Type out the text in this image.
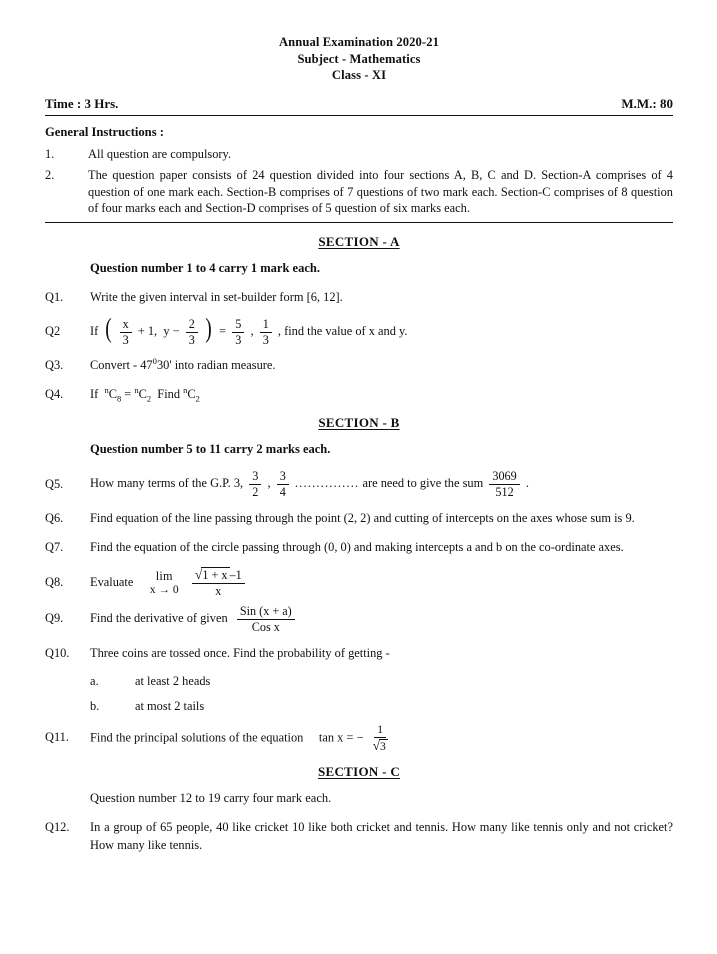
Annual Examination 2020-21
Subject - Mathematics
Class - XI
Time : 3 Hrs.	M.M.: 80
General Instructions :
1.	All question are compulsory.
2.	The question paper consists of 24 question divided into four sections A, B, C and D. Section-A comprises of 4 question of one mark each. Section-B comprises of 7 questions of two mark each. Section-C comprises of 8 question of four marks each and Section-D comprises of 5 question of six marks each.
SECTION - A
Question number 1 to 4 carry 1 mark each.
Q1.	Write the given interval in set-builder form [6, 12].
Q2	If ( $\frac{x}{3} + 1$, $y - \frac{2}{3}$ ) = $\frac{5}{3}$ , $\frac{1}{3}$ , find the value of x and y.
Q3.	Convert - $47^030'$ into radian measure.
Q4.	If $^nC_8 = ^nC_2$ Find $^nC_2$
SECTION - B
Question number 5 to 11 carry 2 marks each.
Q5.	How many terms of the G.P. 3, $\frac{3}{2}$ , $\frac{3}{4}$ ............... are need to give the sum $\frac{3069}{512}$ .
Q6.	Find equation of the line passing through the point (2, 2) and cutting of intercepts on the axes whose sum is 9.
Q7.	Find the equation of the circle passing through (0, 0) and making intercepts a and b on the co-ordinate axes.
Q8.	Evaluate lim
x → 0
$\frac{√1 + x -1}{x}$
Q9.	Find the derivative of given $\frac{\text{Sin (x + a)}}{\text{Cos x}}$
Q10.	Three coins are tossed once. Find the probability of getting -
a.	at least 2 heads
b.	at most 2 tails
Q11.	Find the principal solutions of the equation tan x = − $\frac{1}{√3}$
SECTION - C
Question number 12 to 19 carry four mark each.
Q12.	In a group of 65 people, 40 like cricket 10 like both cricket and tennis. How many like tennis only and not cricket? How many like tennis.
